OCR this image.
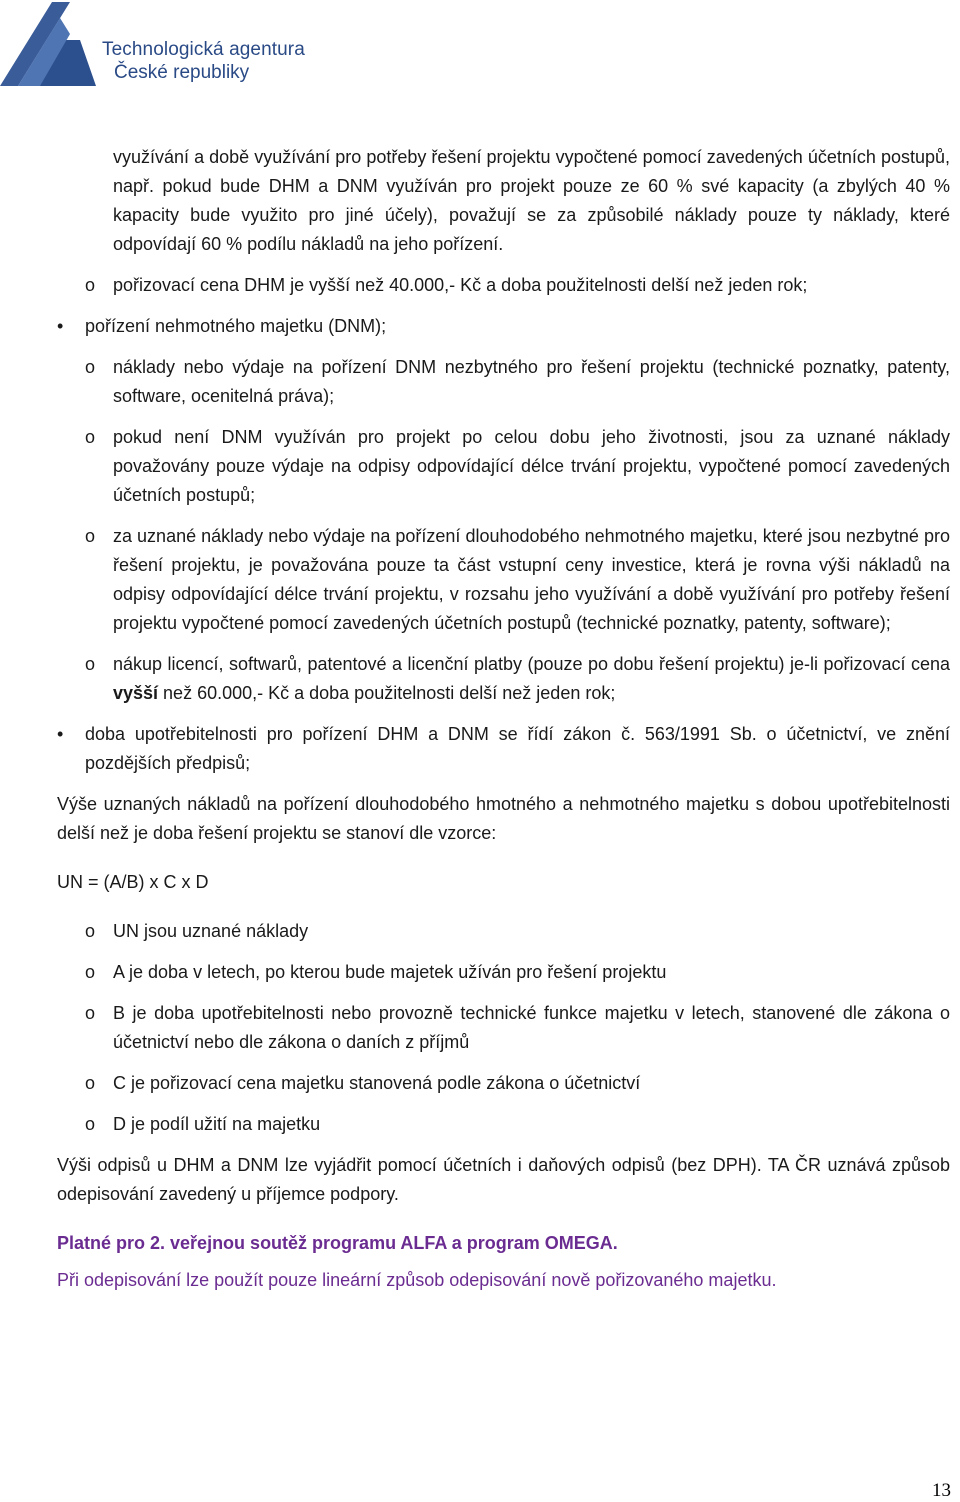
Technologická agentura
České republiky

využívání a době využívání pro potřeby řešení projektu vypočtené pomocí zavedených účetních postupů, např. pokud bude DHM a DNM využíván pro projekt pouze ze 60 % své kapacity (a zbylých 40 % kapacity bude využito pro jiné účely), považují se za způsobilé náklady pouze ty náklady, které odpovídají 60 % podílu nákladů na jeho pořízení.

o pořizovací cena DHM je vyšší než 40.000,- Kč a doba použitelnosti delší než jeden rok;
• pořízení nehmotného majetku (DNM);
o náklady nebo výdaje na pořízení DNM nezbytného pro řešení projektu (technické poznatky, patenty, software, ocenitelná práva);
o pokud není DNM využíván pro projekt po celou dobu jeho životnosti, jsou za uznané náklady považovány pouze výdaje na odpisy odpovídající délce trvání projektu, vypočtené pomocí zavedených účetních postupů;
o za uznané náklady nebo výdaje na pořízení dlouhodobého nehmotného majetku, které jsou nezbytné pro řešení projektu, je považována pouze ta část vstupní ceny investice, která je rovna výši nákladů na odpisy odpovídající délce trvání projektu, v rozsahu jeho využívání a době využívání pro potřeby řešení projektu vypočtené pomocí zavedených účetních postupů (technické poznatky, patenty, software);
o nákup licencí, softwarů, patentové a licenční platby (pouze po dobu řešení projektu) je-li pořizovací cena vyšší než 60.000,- Kč a doba použitelnosti delší než jeden rok;
• doba upotřebitelnosti pro pořízení DHM a DNM se řídí zákon č. 563/1991 Sb. o účetnictví, ve znění pozdějších předpisů;

Výše uznaných nákladů na pořízení dlouhodobého hmotného a nehmotného majetku s dobou upotřebitelnosti delší než je doba řešení projektu se stanoví dle vzorce:

UN = (A/B) x C x D

o UN jsou uznané náklady
o A je doba v letech, po kterou bude majetek užíván pro řešení projektu
o B je doba upotřebitelnosti nebo provozně technické funkce majetku v letech, stanovené dle zákona o účetnictví nebo dle zákona o daních z příjmů
o C je pořizovací cena majetku stanovená podle zákona o účetnictví
o D je podíl užití na majetku

Výši odpisů u DHM a DNM lze vyjádřit pomocí účetních i daňových odpisů (bez DPH). TA ČR uznává způsob odepisování zavedený u příjemce podpory.

Platné pro 2. veřejnou soutěž programu ALFA a program OMEGA.

Při odepisování lze použít pouze lineární způsob odepisování nově pořizovaného majetku.

13
